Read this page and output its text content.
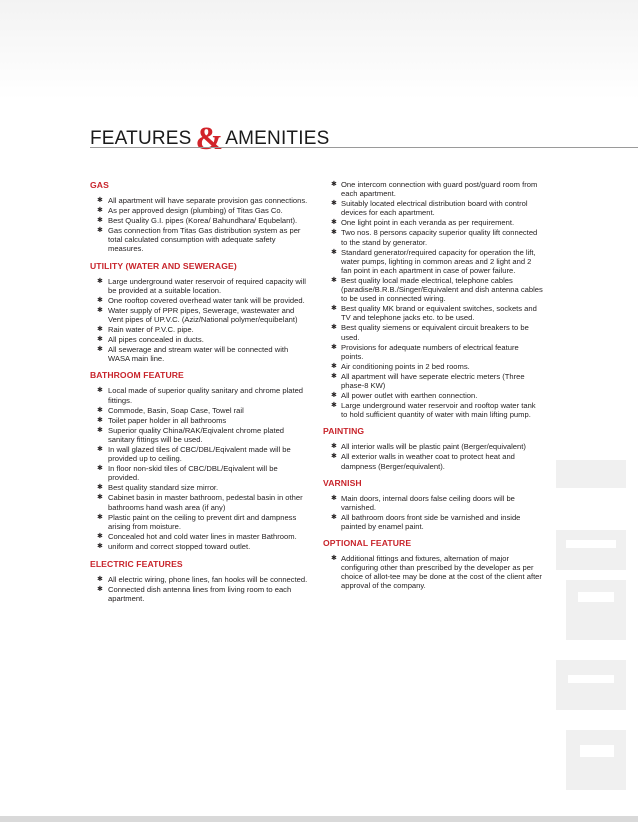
FEATURES & AMENITIES
GAS
✱ All apartment will have separate provision gas connections.
✱ As per approved design (plumbing) of Titas Gas Co.
✱ Best Quality G.I. pipes (Korea/ Bahundhara/ Equbelant).
✱ Gas connection from Titas Gas distribution system as per total calculated consumption with adequate safety measures.
UTILITY (WATER AND SEWERAGE)
✱ Large underground water reservoir of required capacity will be provided at a suitable location.
✱ One rooftop covered overhead water tank will be provided.
✱ Water supply of PPR pipes, Sewerage, wastewater and Vent pipes of UP.V.C. (Aziz/National polymer/equibelant)
✱ Rain water of P.V.C. pipe.
✱ All pipes concealed in ducts.
✱ All sewerage and stream water will be connected with WASA main line.
BATHROOM FEATURE
✱ Local made of superior quality sanitary and chrome plated fittings.
✱ Commode, Basin, Soap Case, Towel rail
✱ Toilet paper holder in all bathrooms
✱ Superior quality China/RAK/Eqivalent chrome plated sanitary fittings will be used.
✱ In wall glazed tiles of CBC/DBL/Eqivalent made will be provided up to ceiling.
✱ In floor non-skid tiles of CBC/DBL/Eqivalent will be provided.
✱ Best quality standard size mirror.
✱ Cabinet basin in master bathroom, pedestal basin in other bathrooms hand wash area (if any)
✱ Plastic paint on the ceiling to prevent dirt and dampness arising from moisture.
✱ Concealed hot and cold water lines in master Bathroom.
✱ uniform and correct stopped toward outlet.
ELECTRIC FEATURES
✱ All electric wiring, phone lines, fan hooks will be connected.
✱ Connected dish antenna lines from living room to each apartment.
✱ One intercom connection with guard post/guard room from each apartment.
✱ Suitably located electrical distribution board with control devices for each apartment.
✱ One light point in each veranda as per requirement.
✱ Two nos. 8 persons capacity superior quality lift connected to the stand by generator.
✱ Standard generator/required capacity for operation the lift, water pumps, lighting in common areas and 2 light and 2 fan point in each apartment in case of power failure.
✱ Best quality local made electrical, telephone cables (paradise/B.R.B./Singer/Equivalent and dish antenna cables to be used in connected wiring.
✱ Best quality MK brand or equivalent switches, sockets and TV and telephone jacks etc. to be used.
✱ Best quality siemens or equivalent circuit breakers to be used.
✱ Provisions for adequate numbers of electrical feature points.
✱ Air conditioning points in 2 bed rooms.
✱ All apartment will have seperate electric meters (Three phase-8 KW)
✱ All power outlet with earthen connection.
✱ Large underground water reservoir and rooftop water tank to hold sufficient quantity of water with main lifting pump.
PAINTING
✱ All interior walls will be plastic paint (Berger/equivalent)
✱ All exterior walls in weather coat to protect heat and dampness (Berger/equivalent).
VARNISH
✱ Main doors, internal doors false ceiling doors will be varnished.
✱ All bathroom doors front side be varnished and inside painted by enamel paint.
OPTIONAL FEATURE
✱ Additional fittings and fixtures, alternation of major configuring other than prescribed by the developer as per choice of allot-tee may be done at the cost of the client after approval of the company.
